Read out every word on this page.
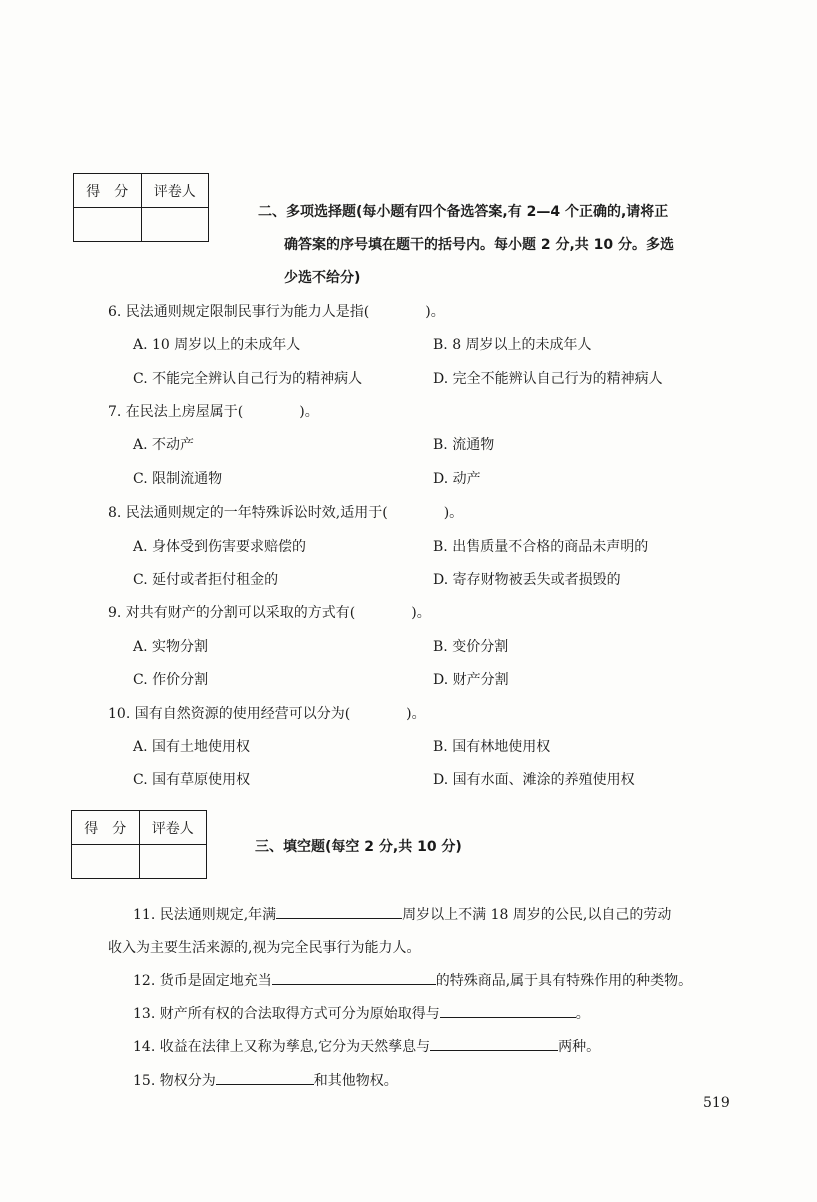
得　分	评卷人

二、多项选择题(每小题有四个备选答案,有 2—4 个正确的,请将正
确答案的序号填在题干的括号内。每小题 2 分,共 10 分。多选
少选不给分)
6. 民法通则规定限制民事行为能力人是指(　　　　)。
A. 10 周岁以上的未成年人	B. 8 周岁以上的未成年人
C. 不能完全辨认自己行为的精神病人	D. 完全不能辨认自己行为的精神病人
7. 在民法上房屋属于(　　　　)。
A. 不动产	B. 流通物
C. 限制流通物	D. 动产
8. 民法通则规定的一年特殊诉讼时效,适用于(　　　　)。
A. 身体受到伤害要求赔偿的	B. 出售质量不合格的商品未声明的
C. 延付或者拒付租金的	D. 寄存财物被丢失或者损毁的
9. 对共有财产的分割可以采取的方式有(　　　　)。
A. 实物分割	B. 变价分割
C. 作价分割	D. 财产分割
10. 国有自然资源的使用经营可以分为(　　　　)。
A. 国有土地使用权	B. 国有林地使用权
C. 国有草原使用权	D. 国有水面、滩涂的养殖使用权
得　分	评卷人

三、填空题(每空 2 分,共 10 分)
11. 民法通则规定,年满	周岁以上不满 18 周岁的公民,以自己的劳动
收入为主要生活来源的,视为完全民事行为能力人。
12. 货币是固定地充当	的特殊商品,属于具有特殊作用的种类物。
13. 财产所有权的合法取得方式可分为原始取得与	。
14. 收益在法律上又称为孳息,它分为天然孳息与	两种。
15. 物权分为	和其他物权。
519
